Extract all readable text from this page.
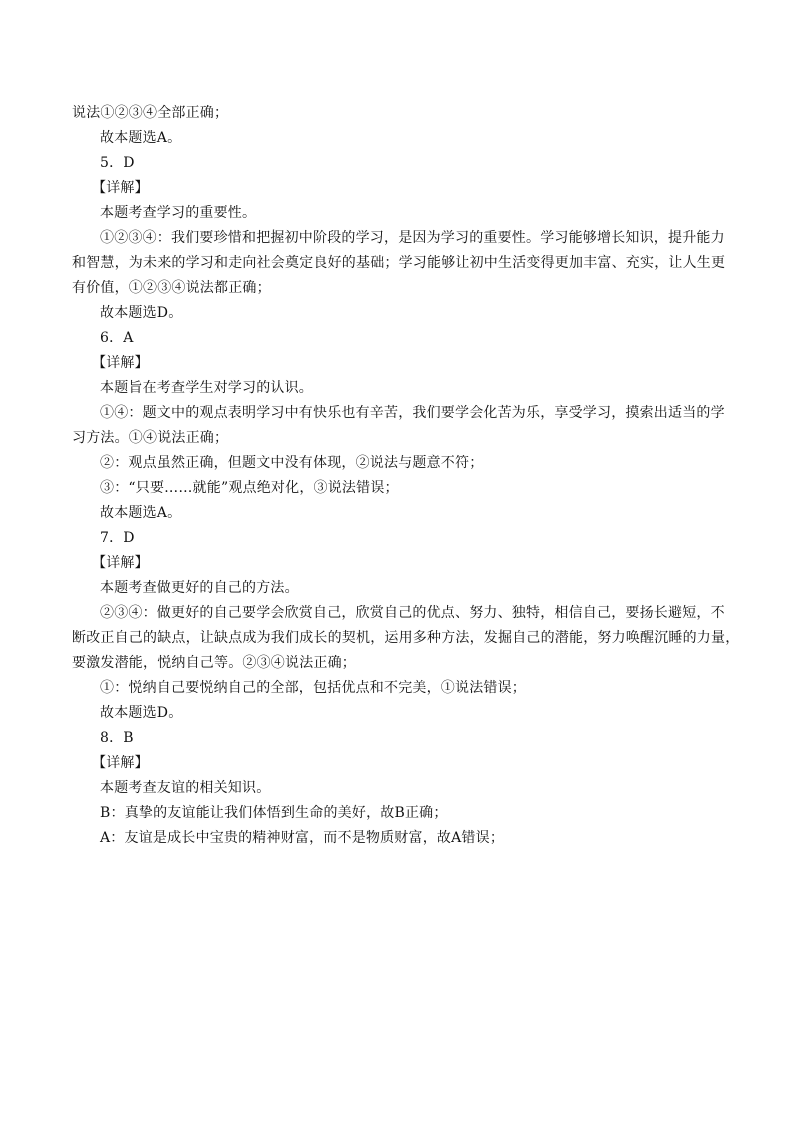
说法①②③④全部正确；
故本题选A。
5．D
【详解】
本题考查学习的重要性。
①②③④：我们要珍惜和把握初中阶段的学习，是因为学习的重要性。学习能够增长知识，提升能力
和智慧，为未来的学习和走向社会奠定良好的基础；学习能够让初中生活变得更加丰富、充实，让人生更
有价值，①②③④说法都正确；
故本题选D。
6．A
【详解】
本题旨在考查学生对学习的认识。
①④：题文中的观点表明学习中有快乐也有辛苦，我们要学会化苦为乐，享受学习，摸索出适当的学
习方法。①④说法正确；
②：观点虽然正确，但题文中没有体现，②说法与题意不符；
③：“只要……就能”观点绝对化，③说法错误；
故本题选A。
7．D
【详解】
本题考查做更好的自己的方法。
②③④：做更好的自己要学会欣赏自己，欣赏自己的优点、努力、独特，相信自己，要扬长避短，不
断改正自己的缺点，让缺点成为我们成长的契机，运用多种方法，发掘自己的潜能，努力唤醒沉睡的力量，
要激发潜能，悦纳自己等。②③④说法正确；
①：悦纳自己要悦纳自己的全部，包括优点和不完美，①说法错误；
故本题选D。
8．B
【详解】
本题考查友谊的相关知识。
B：真挚的友谊能让我们体悟到生命的美好，故B正确；
A：友谊是成长中宝贵的精神财富，而不是物质财富，故A错误；
